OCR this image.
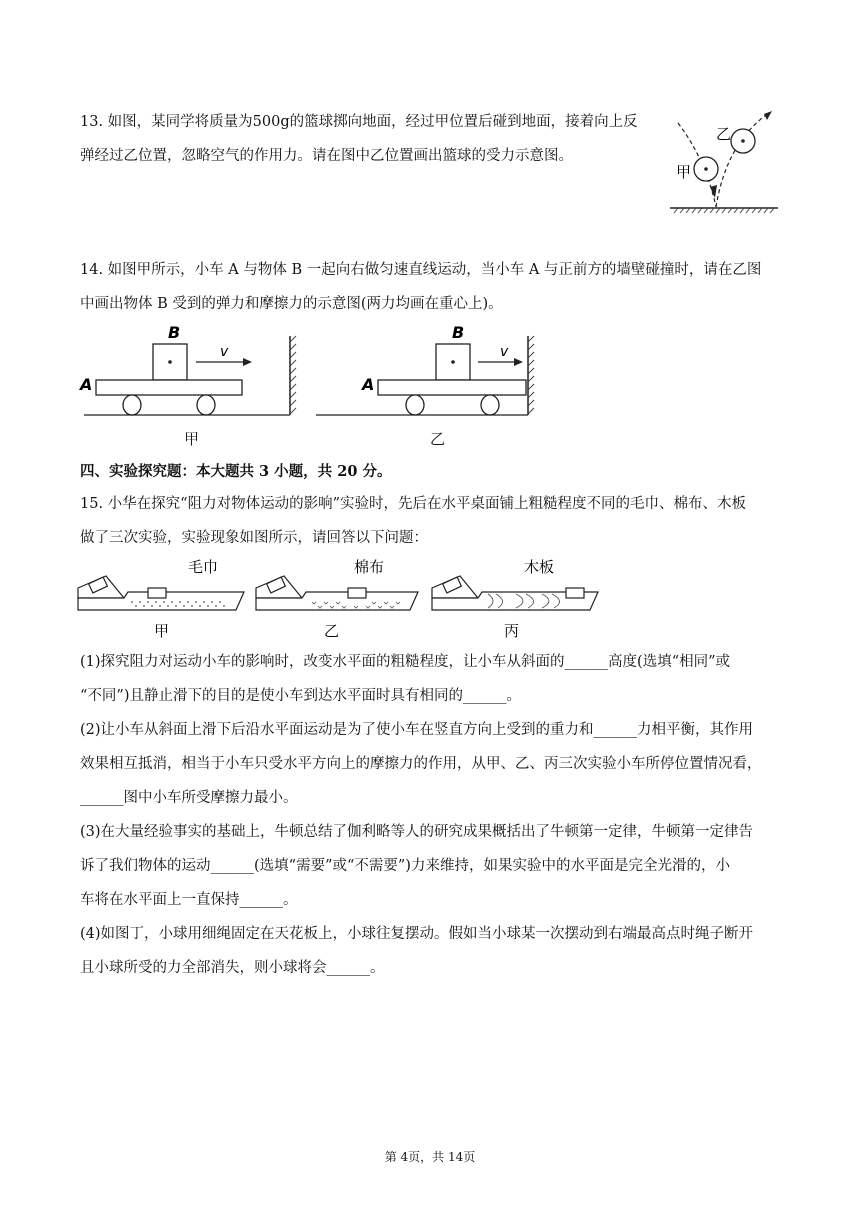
13. 如图，某同学将质量为500g的篮球掷向地面，经过甲位置后碰到地面，接着向上反
弹经过乙位置，忽略空气的作用力。请在图中乙位置画出篮球的受力示意图。
甲
乙
14. 如图甲所示，小车 A 与物体 B 一起向右做匀速直线运动，当小车 A 与正前方的墙壁碰撞时，请在乙图
中画出物体 B 受到的弹力和摩擦力的示意图(两力均画在重心上)。
B
v
A
B
v
A
甲	乙
四、实验探究题：本大题共 3 小题，共 20 分。
15. 小华在探究“阻力对物体运动的影响”实验时，先后在水平桌面铺上粗糙程度不同的毛巾、棉布、木板
做了三次实验，实验现象如图所示，请回答以下问题：
毛巾
甲
棉布
乙
木板
丙
(1)探究阻力对运动小车的影响时，改变水平面的粗糙程度，让小车从斜面的______高度(选填“相同”或
“不同”)且静止滑下的目的是使小车到达水平面时具有相同的______。
(2)让小车从斜面上滑下后沿水平面运动是为了使小车在竖直方向上受到的重力和______力相平衡，其作用
效果相互抵消，相当于小车只受水平方向上的摩擦力的作用，从甲、乙、丙三次实验小车所停位置情况看，
______图中小车所受摩擦力最小。
(3)在大量经验事实的基础上，牛顿总结了伽利略等人的研究成果概括出了牛顿第一定律，牛顿第一定律告
诉了我们物体的运动______(选填“需要”或“不需要”)力来维持，如果实验中的水平面是完全光滑的，小
车将在水平面上一直保持______。
(4)如图丁，小球用细绳固定在天花板上，小球往复摆动。假如当小球某一次摆动到右端最高点时绳子断开
且小球所受的力全部消失，则小球将会______。
第 4页，共 14页
